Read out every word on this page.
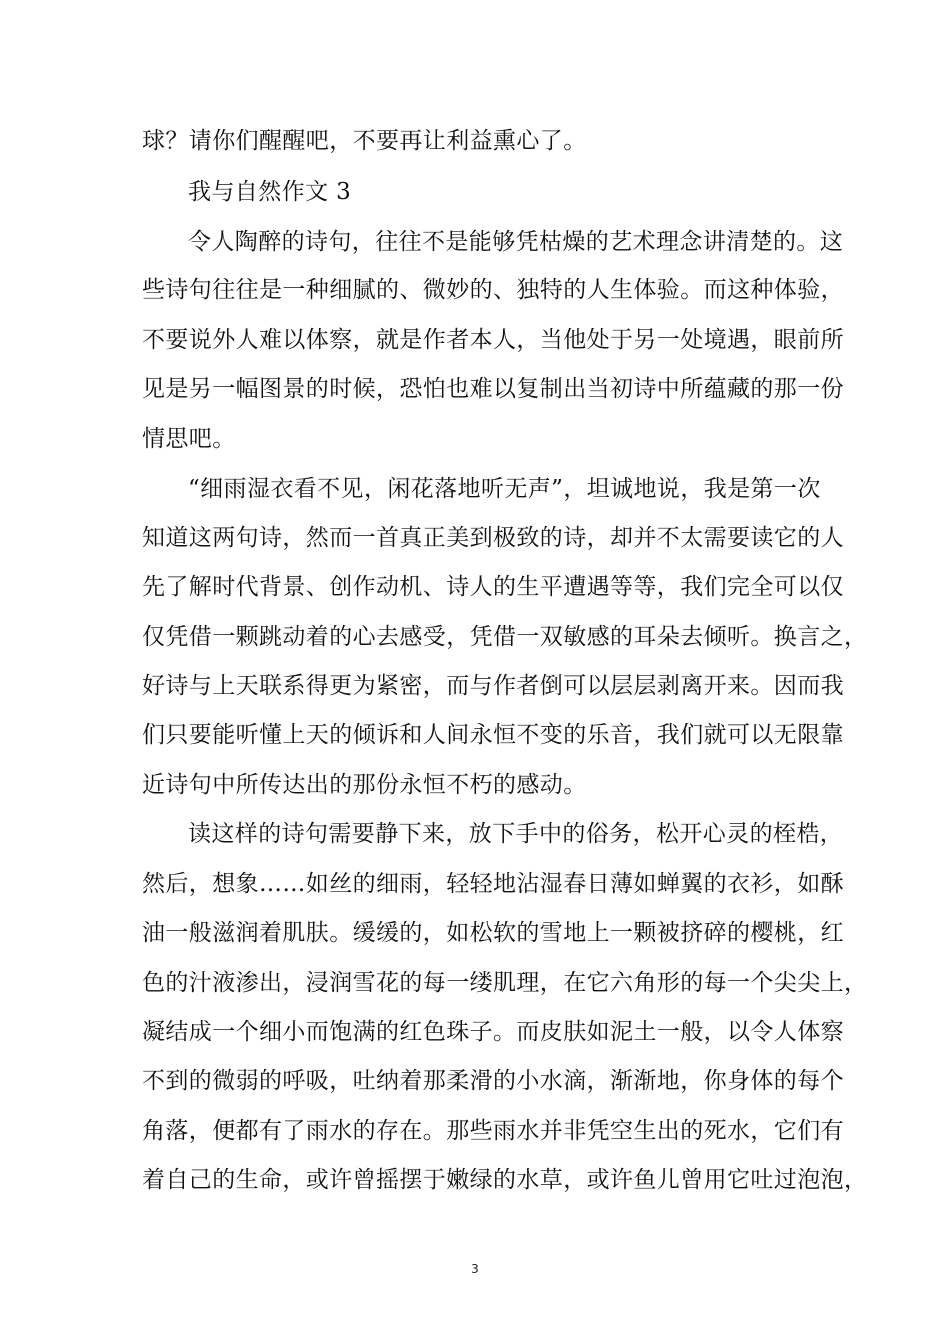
球？请你们醒醒吧，不要再让利益熏心了。
我与自然作文 3
令人陶醉的诗句，往往不是能够凭枯燥的艺术理念讲清楚的。这
些诗句往往是一种细腻的、微妙的、独特的人生体验。而这种体验，
不要说外人难以体察，就是作者本人，当他处于另一处境遇，眼前所
见是另一幅图景的时候，恐怕也难以复制出当初诗中所蕴藏的那一份
情思吧。
“细雨湿衣看不见，闲花落地听无声”，坦诚地说，我是第一次
知道这两句诗，然而一首真正美到极致的诗，却并不太需要读它的人
先了解时代背景、创作动机、诗人的生平遭遇等等，我们完全可以仅
仅凭借一颗跳动着的心去感受，凭借一双敏感的耳朵去倾听。换言之，
好诗与上天联系得更为紧密，而与作者倒可以层层剥离开来。因而我
们只要能听懂上天的倾诉和人间永恒不变的乐音，我们就可以无限靠
近诗句中所传达出的那份永恒不朽的感动。
读这样的诗句需要静下来，放下手中的俗务，松开心灵的桎梏，
然后，想象……如丝的细雨，轻轻地沾湿春日薄如蝉翼的衣衫，如酥
油一般滋润着肌肤。缓缓的，如松软的雪地上一颗被挤碎的樱桃，红
色的汁液渗出，浸润雪花的每一缕肌理，在它六角形的每一个尖尖上，
凝结成一个细小而饱满的红色珠子。而皮肤如泥土一般，以令人体察
不到的微弱的呼吸，吐纳着那柔滑的小水滴，渐渐地，你身体的每个
角落，便都有了雨水的存在。那些雨水并非凭空生出的死水，它们有
着自己的生命，或许曾摇摆于嫩绿的水草，或许鱼儿曾用它吐过泡泡，
3
